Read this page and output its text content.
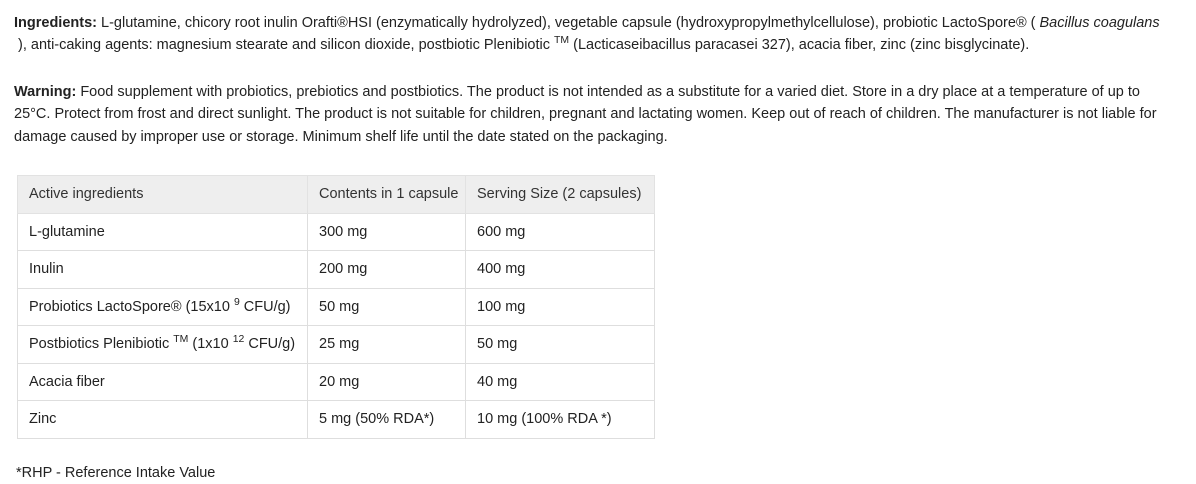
Ingredients: L-glutamine, chicory root inulin Orafti®HSI (enzymatically hydrolyzed), vegetable capsule (hydroxypropylmethylcellulose), probiotic LactoSpore® ( Bacillus coagulans ), anti-caking agents: magnesium stearate and silicon dioxide, postbiotic Plenibiotic ™ (Lacticaseibacillus paracasei 327), acacia fiber, zinc (zinc bisglycinate).

Warning: Food supplement with probiotics, prebiotics and postbiotics. The product is not intended as a substitute for a varied diet. Store in a dry place at a temperature of up to 25°C. Protect from frost and direct sunlight. The product is not suitable for children, pregnant and lactating women. Keep out of reach of children. The manufacturer is not liable for damage caused by improper use or storage. Minimum shelf life until the date stated on the packaging.

Active ingredients	Contents in 1 capsule	Serving Size (2 capsules)
L-glutamine	300 mg	600 mg
Inulin	200 mg	400 mg
Probiotics LactoSpore® (15x10 $^9$ CFU/g)	50 mg	100 mg
Postbiotics Plenibiotic ™ (1x10 $^{12}$ CFU/g)	25 mg	50 mg
Acacia fiber	20 mg	40 mg
Zinc	5 mg (50% RDA*)	10 mg (100% RDA *)
*RHP - Reference Intake Value
